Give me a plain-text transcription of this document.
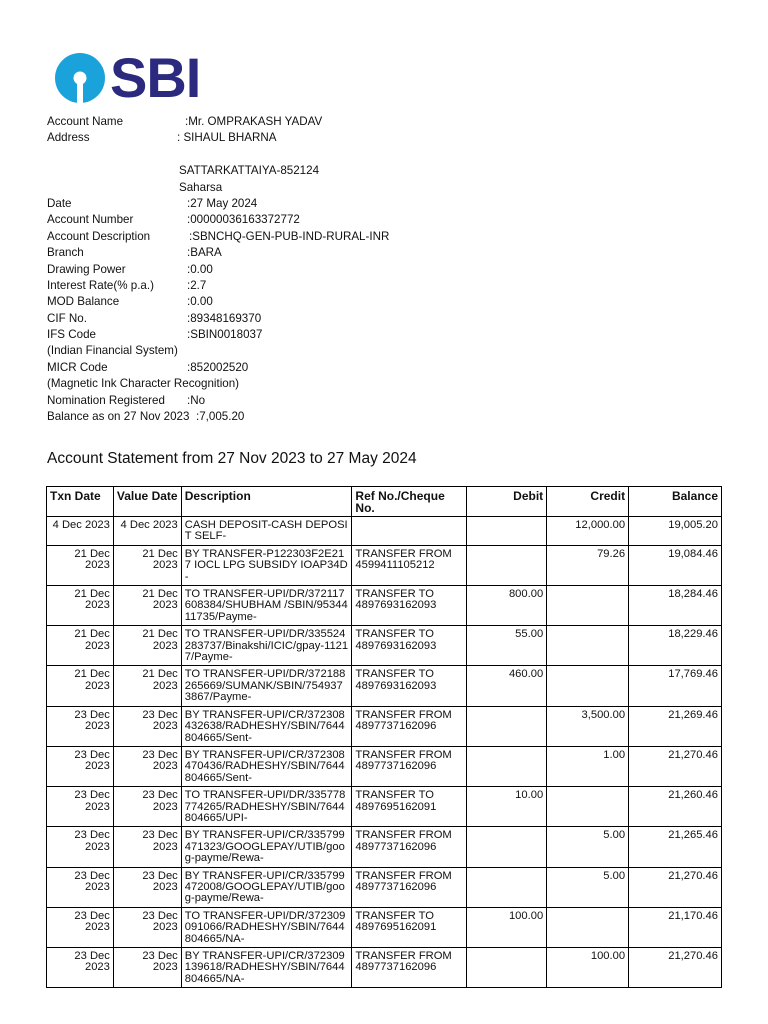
SBI
Account Name	:Mr. OMPRAKASH YADAV
Address	: SIHAUL BHARNA
SATTARKATTAIYA-852124
Saharsa
Date	:27 May 2024
Account Number	:00000036163372772
Account Description	:SBNCHQ-GEN-PUB-IND-RURAL-INR
Branch	:BARA
Drawing Power	:0.00
Interest Rate(% p.a.)	:2.7
MOD Balance	:0.00
CIF No.	:89348169370
IFS Code	:SBIN0018037
(Indian Financial System)
MICR Code	:852002520
(Magnetic Ink Character Recognition)
Nomination Registered :No
Balance as on 27 Nov 2023 :7,005.20
Account Statement from 27 Nov 2023 to 27 May 2024
Txn Date	Value Date	Description	Ref No./Cheque No.	Debit	Credit	Balance
4 Dec 2023	4 Dec 2023	CASH DEPOSIT-CASH DEPOSIT SELF-			12,000.00	19,005.20
21 Dec 2023	21 Dec 2023	BY TRANSFER-P122303F2E217 IOCL LPG SUBSIDY IOAP34D-	TRANSFER FROM 4599411105212		79.26	19,084.46
21 Dec 2023	21 Dec 2023	TO TRANSFER-UPI/DR/372117608384/SHUBHAM /SBIN/9534411735/Payme-	TRANSFER TO 4897693162093	800.00		18,284.46
21 Dec 2023	21 Dec 2023	TO TRANSFER-UPI/DR/335524283737/Binakshi/ICIC/gpay-11217/Payme-	TRANSFER TO 4897693162093	55.00		18,229.46
21 Dec 2023	21 Dec 2023	TO TRANSFER-UPI/DR/372188265669/SUMANK/SBIN/7549373867/Payme-	TRANSFER TO 4897693162093	460.00		17,769.46
23 Dec 2023	23 Dec 2023	BY TRANSFER-UPI/CR/372308432638/RADHESHY/SBIN/7644804665/Sent-	TRANSFER FROM 4897737162096		3,500.00	21,269.46
23 Dec 2023	23 Dec 2023	BY TRANSFER-UPI/CR/372308470436/RADHESHY/SBIN/7644804665/Sent-	TRANSFER FROM 4897737162096		1.00	21,270.46
23 Dec 2023	23 Dec 2023	TO TRANSFER-UPI/DR/335778774265/RADHESHY/SBIN/7644804665/UPI-	TRANSFER TO 4897695162091	10.00		21,260.46
23 Dec 2023	23 Dec 2023	BY TRANSFER-UPI/CR/335799471323/GOOGLEPAY/UTIB/goog-payme/Rewa-	TRANSFER FROM 4897737162096		5.00	21,265.46
23 Dec 2023	23 Dec 2023	BY TRANSFER-UPI/CR/335799472008/GOOGLEPAY/UTIB/goog-payme/Rewa-	TRANSFER FROM 4897737162096		5.00	21,270.46
23 Dec 2023	23 Dec 2023	TO TRANSFER-UPI/DR/372309091066/RADHESHY/SBIN/7644804665/NA-	TRANSFER TO 4897695162091	100.00		21,170.46
23 Dec 2023	23 Dec 2023	BY TRANSFER-UPI/CR/372309139618/RADHESHY/SBIN/7644804665/NA-	TRANSFER FROM 4897737162096		100.00	21,270.46
